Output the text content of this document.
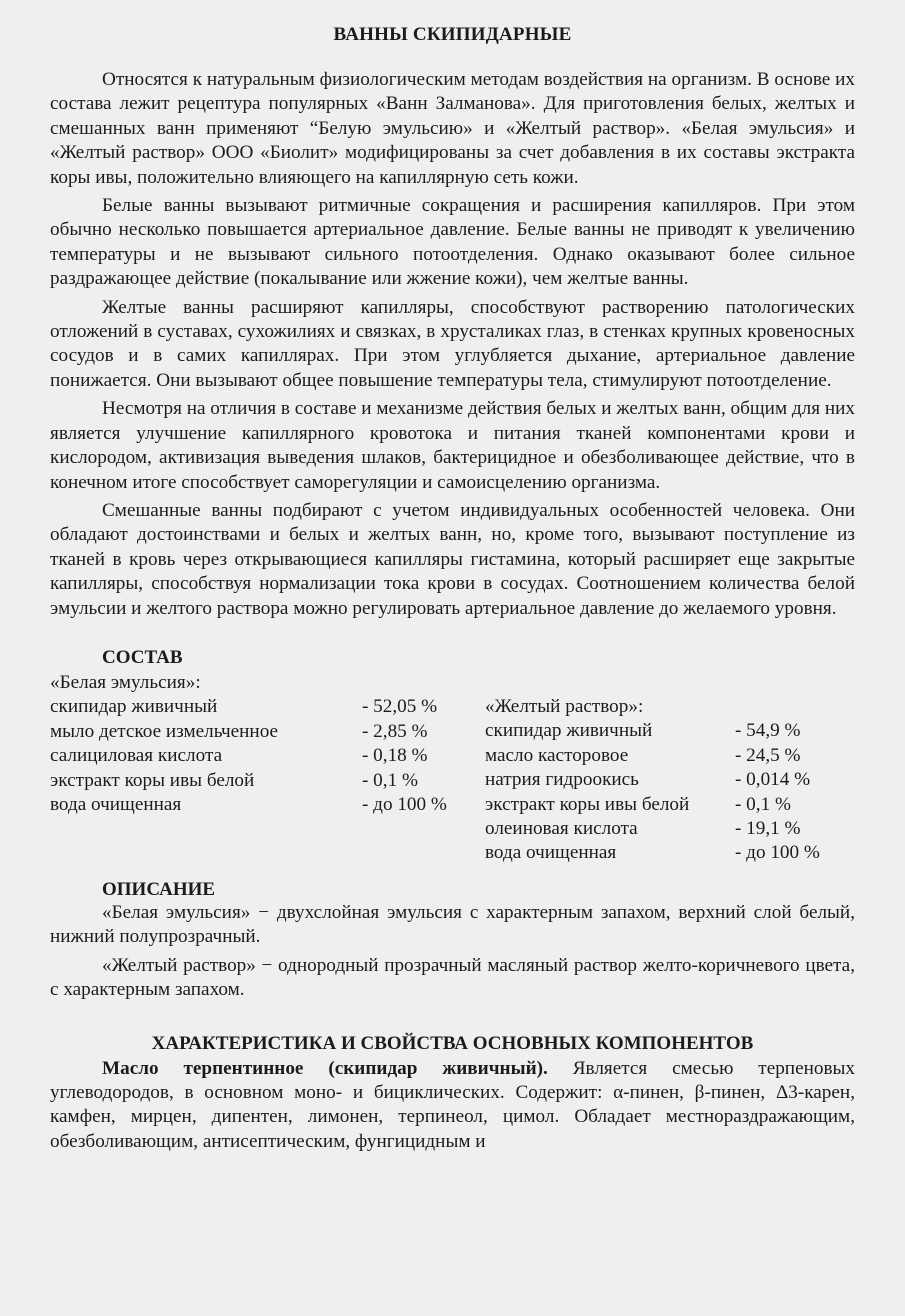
ВАННЫ СКИПИДАРНЫЕ

Относятся к натуральным физиологическим методам воздействия на организм. В основе их состава лежит рецептура популярных «Ванн Залманова». Для приготовления белых, желтых и смешанных ванн применяют “Белую эмульсию» и «Желтый раствор». «Белая эмульсия» и «Желтый раствор» ООО «Биолит» модифицированы за счет добавления в их составы экстракта коры ивы, положительно влияющего на капиллярную сеть кожи.

Белые ванны вызывают ритмичные сокращения и расширения капилляров. При этом обычно несколько повышается артериальное давление. Белые ванны не приводят к увеличению температуры и не вызывают сильного потоотделения. Однако оказывают более сильное раздражающее действие (покалывание или жжение кожи), чем желтые ванны.

Желтые ванны расширяют капилляры, способствуют растворению патологических отложений в суставах, сухожилиях и связках, в хрусталиках глаз, в стенках крупных кровеносных сосудов и в самих капиллярах. При этом углубляется дыхание, артериальное давление понижается. Они вызывают общее повышение температуры тела, стимулируют потоотделение.

Несмотря на отличия в составе и механизме действия белых и желтых ванн, общим для них является улучшение капиллярного кровотока и питания тканей компонентами крови и кислородом, активизация выведения шлаков, бактерицидное и обезболивающее действие, что в конечном итоге способствует саморегуляции и самоисцелению организма.

Смешанные ванны подбирают с учетом индивидуальных особенностей человека. Они обладают достоинствами и белых и желтых ванн, но, кроме того, вызывают поступление из тканей в кровь через открывающиеся капилляры гистамина, который расширяет еще закрытые капилляры, способствуя нормализации тока крови в сосудах. Соотношением количества белой эмульсии и желтого раствора можно регулировать артериальное давление до желаемого уровня.

СОСТАВ
«Белая эмульсия»:
скипидар живичный	- 52,05 %
мыло детское измельченное	- 2,85 %
салициловая кислота	- 0,18 %
экстракт коры ивы белой	- 0,1 %
вода очищенная	- до 100 %
«Желтый раствор»:
скипидар живичный	- 54,9 %
масло касторовое	- 24,5 %
натрия гидроокись	- 0,014 %
экстракт коры ивы белой - 0,1 %
олеиновая кислота	- 19,1 %
вода очищенная	- до 100 %
ОПИСАНИЕ

«Белая эмульсия» − двухслойная эмульсия с характерным запахом, верхний слой белый, нижний полупрозрачный.

«Желтый раствор» − однородный прозрачный масляный раствор желто-коричневого цвета, с характерным запахом.

ХАРАКТЕРИСТИКА И СВОЙСТВА ОСНОВНЫХ КОМПОНЕНТОВ

Масло терпентинное (скипидар живичный). Является смесью терпеновых углеводородов, в основном моно- и бициклических. Содержит: α-пинен, β-пинен, Δ3-карен, камфен, мирцен, дипентен, лимонен, терпинеол, цимол. Обладает местнораздражающим, обезболивающим, антисептическим, фунгицидным и
